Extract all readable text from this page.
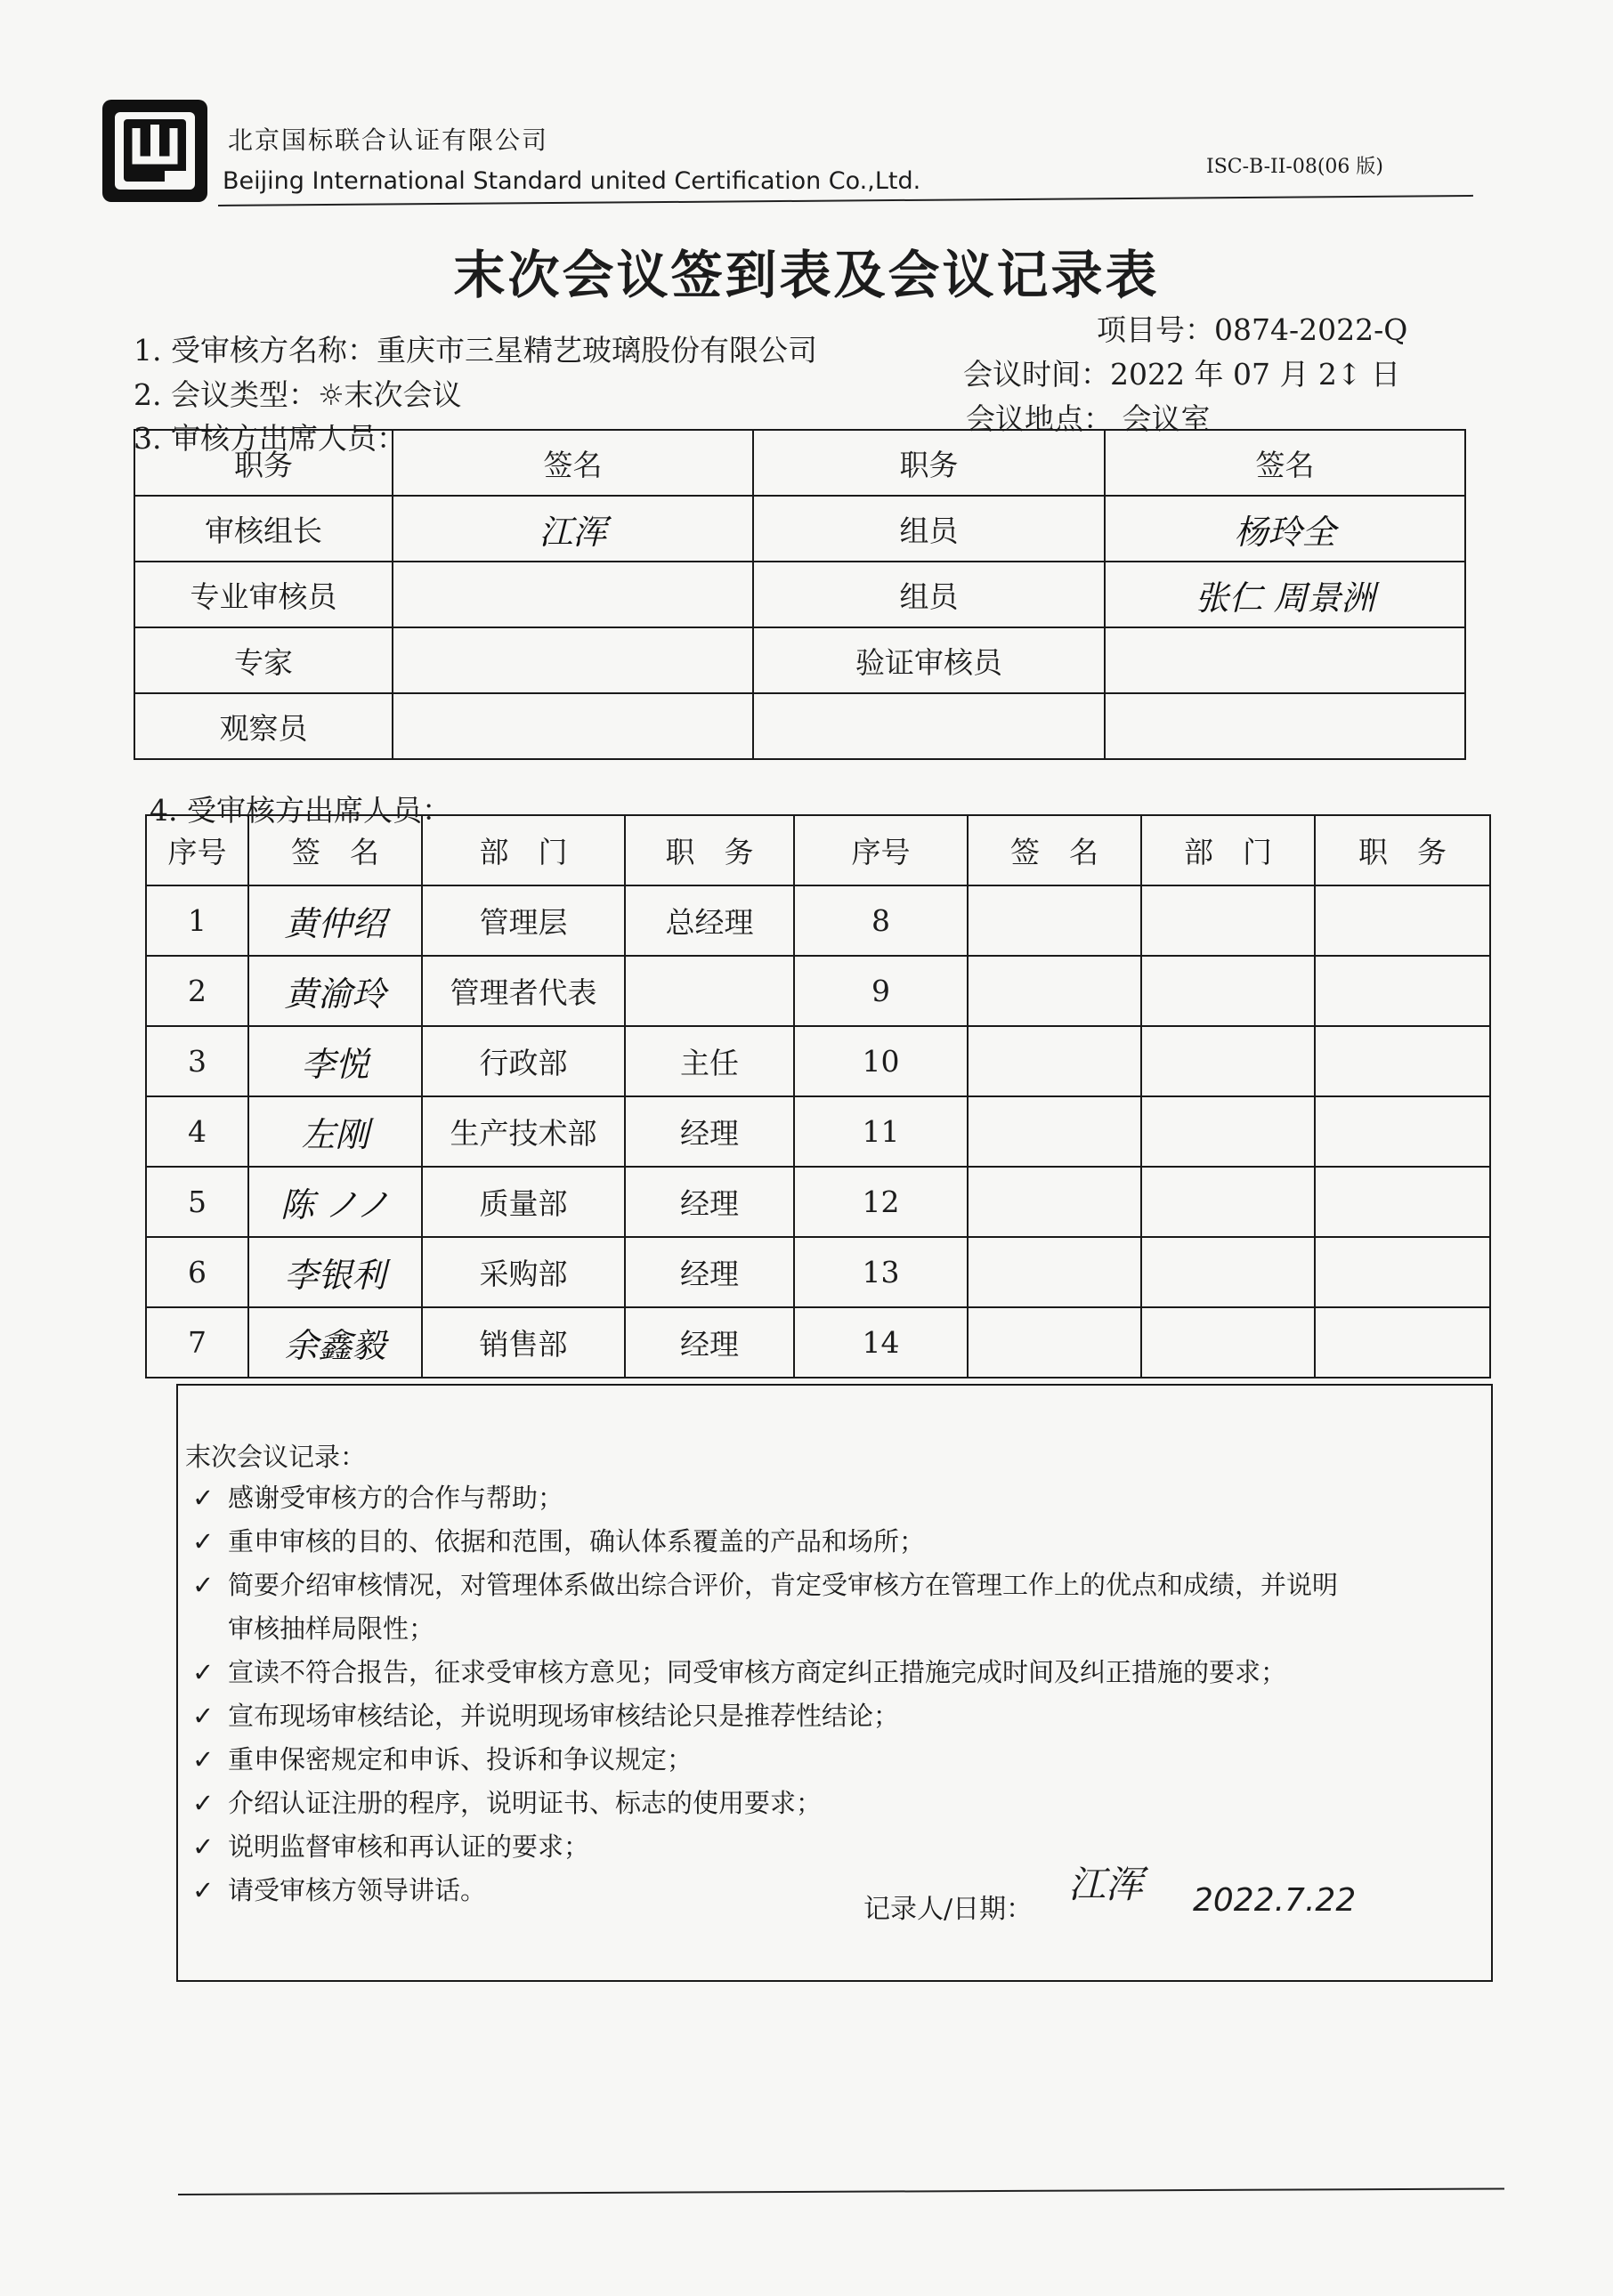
北京国标联合认证有限公司
Beijing International Standard united Certification Co.,Ltd.
ISC-B-II-08(06 版)
末次会议签到表及会议记录表
1. 受审核方名称：重庆市三星精艺玻璃股份有限公司
项目号：0874-2022-Q
2. 会议类型：☼末次会议
会议时间：2022 年 07 月 2↕ 日
3. 审核方出席人员：
会议地点： 会议室
职务	签名	职务	签名
审核组长	江浑	组员	杨玲全

专业审核员		组员	张仁 周景洲

专家		验证审核员	

观察员	

4. 受审核方出席人员：
序号	签　名	部　门	职　务	序号	签　名	部　门	职　务
1	黄仲绍	管理层	总经理	8			
2	黄渝玲	管理者代表		9			
3	李悦	行政部	主任	10			
4	左刚	生产技术部	经理	11			
5	陈 ノノ	质量部	经理	12			
6	李银利	采购部	经理	13			
7	余鑫毅	销售部	经理	14			
末次会议记录：
✓ 感谢受审核方的合作与帮助；
✓ 重申审核的目的、依据和范围，确认体系覆盖的产品和场所；
✓ 简要介绍审核情况，对管理体系做出综合评价，肯定受审核方在管理工作上的优点和成绩，并说明
审核抽样局限性；
✓ 宣读不符合报告，征求受审核方意见；同受审核方商定纠正措施完成时间及纠正措施的要求；
✓ 宣布现场审核结论，并说明现场审核结论只是推荐性结论；
✓ 重申保密规定和申诉、投诉和争议规定；
✓ 介绍认证注册的程序，说明证书、标志的使用要求；
✓ 说明监督审核和再认证的要求；
✓ 请受审核方领导讲话。
记录人/日期：
江浑 2022.7.22
